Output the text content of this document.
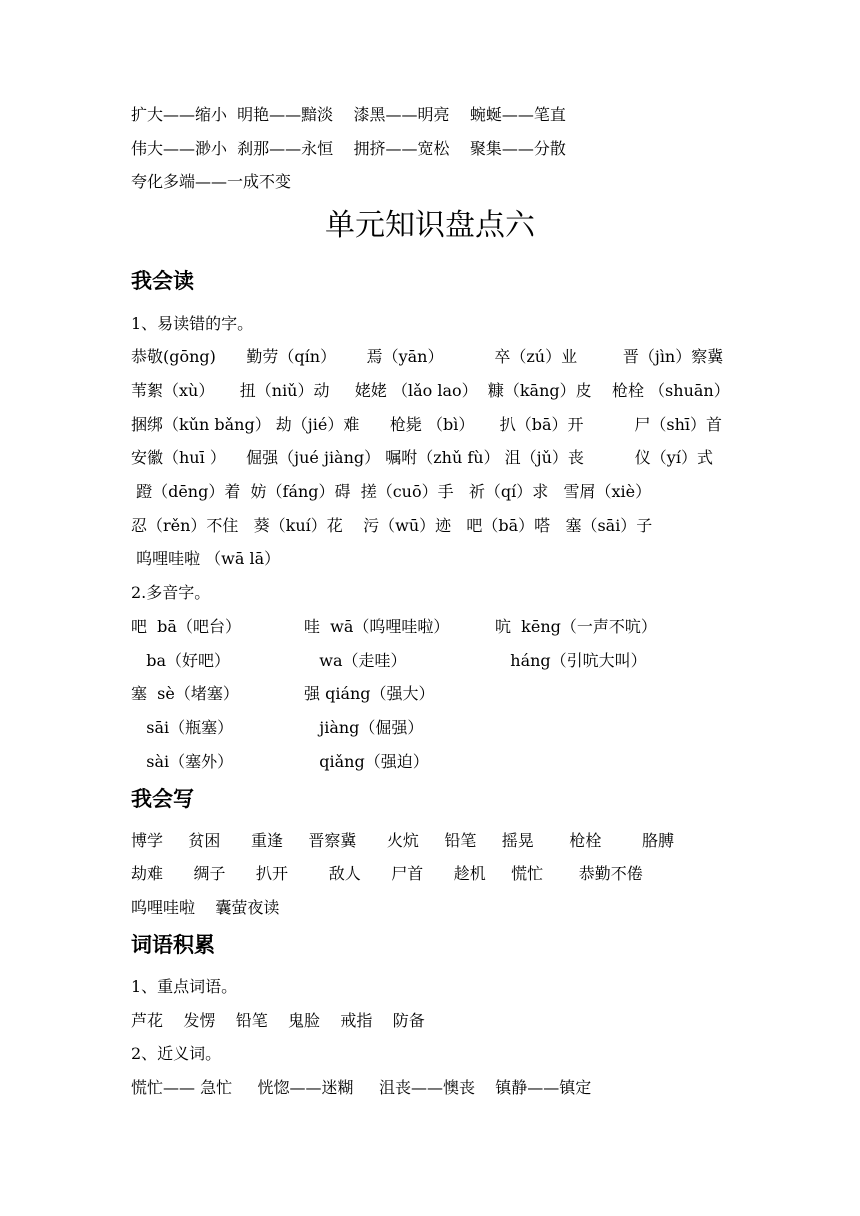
扩大——缩小  明艳——黯淡    漆黑——明亮    蜿蜒——笔直
伟大——渺小  刹那——永恒    拥挤——宽松    聚集——分散
夸化多端——一成不变
单元知识盘点六
我会读
1、易读错的字。
恭敬(gōng)      勤劳（qín）      焉（yān）          卒（zú）业         晋（jìn）察冀
苇絮（xù）     扭（niǔ）动     姥姥 （lǎo lao）  糠（kāng）皮    枪栓 （shuān）
捆绑（kǔn bǎng） 劫（jié）难      枪毙 （bì）     扒（bā）开          尸（shī）首
安徽（huī ）    倔强（jué jiàng） 嘱咐（zhǔ fù） 沮（jǔ）丧          仪（yí）式
蹬（dēng）着  妨（fáng）碍  搓（cuō）手   祈（qí）求   雪屑（xiè）
忍（rěn）不住   葵（kuí）花    污（wū）迹   吧（bā）嗒   塞（sāi）子
呜哩哇啦 （wā lā）
2.多音字。
吧  bā（吧台）
ba（好吧）
哇  wā（呜哩哇啦）
wa（走哇）
吭  kēng（一声不吭）
háng（引吭大叫）
塞  sè（堵塞）
sāi（瓶塞）
sài（塞外）
强 qiáng（强大）
jiàng（倔强）
qiǎng（强迫）
我会写
博学     贫困      重逢     晋察冀      火炕     铅笔     摇晃       枪栓        胳膊
劫难      绸子      扒开        敌人      尸首      趁机     慌忙       恭勤不倦
呜哩哇啦    囊萤夜读
词语积累
1、重点词语。
芦花    发愣    铅笔    鬼脸    戒指    防备
2、近义词。
慌忙—— 急忙     恍惚——迷糊     沮丧——懊丧    镇静——镇定
